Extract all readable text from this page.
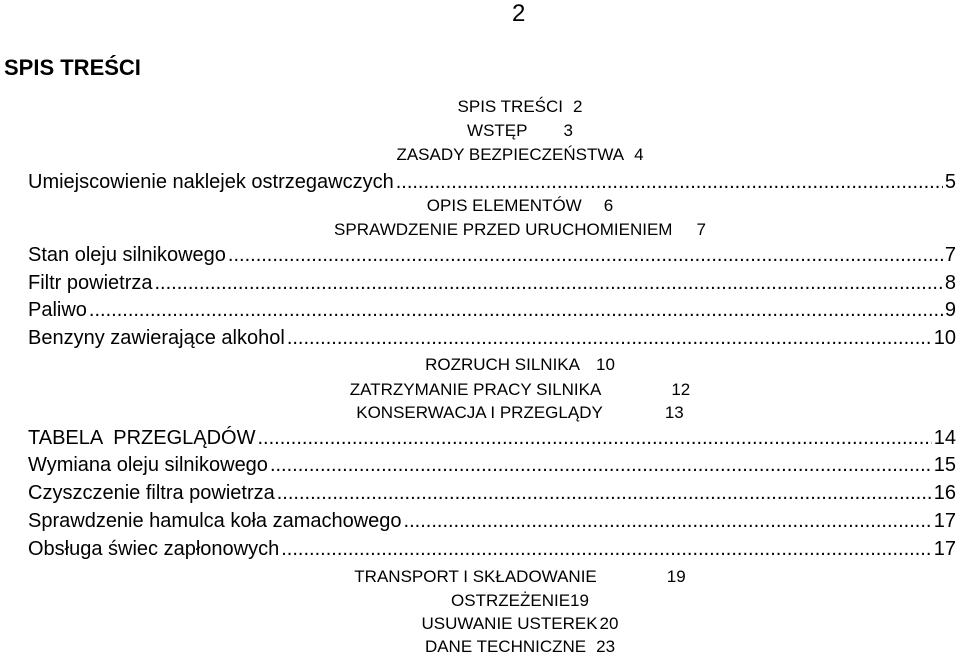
2
SPIS TREŚCI
SPIS TREŚCI 2
WSTĘP 3
ZASADY BEZPIECZEŃSTWA 4
Umiejscowienie naklejek ostrzegawczych .....	5
OPIS ELEMENTÓW 6
SPRAWDZENIE PRZED URUCHOMIENIEM 7
Stan oleju silnikowego .....	7
Filtr powietrza .....	8
Paliwo .....	9
Benzyny zawierające alkohol .....	10
ROZRUCH SILNIKA 10
ZATRZYMANIE PRACY SILNIKA	12
KONSERWACJA I PRZEGLĄDY	13
TABELA  PRZEGLĄDÓW .....	14
Wymiana oleju silnikowego .....	15
Czyszczenie filtra powietrza .....	16
Sprawdzenie hamulca koła zamachowego .....	17
Obsługa świec zapłonowych .....	17
TRANSPORT I SKŁADOWANIE	19
OSTRZEŻENIE 19
USUWANIE USTEREK 20
DANE TECHNICZNE 23
